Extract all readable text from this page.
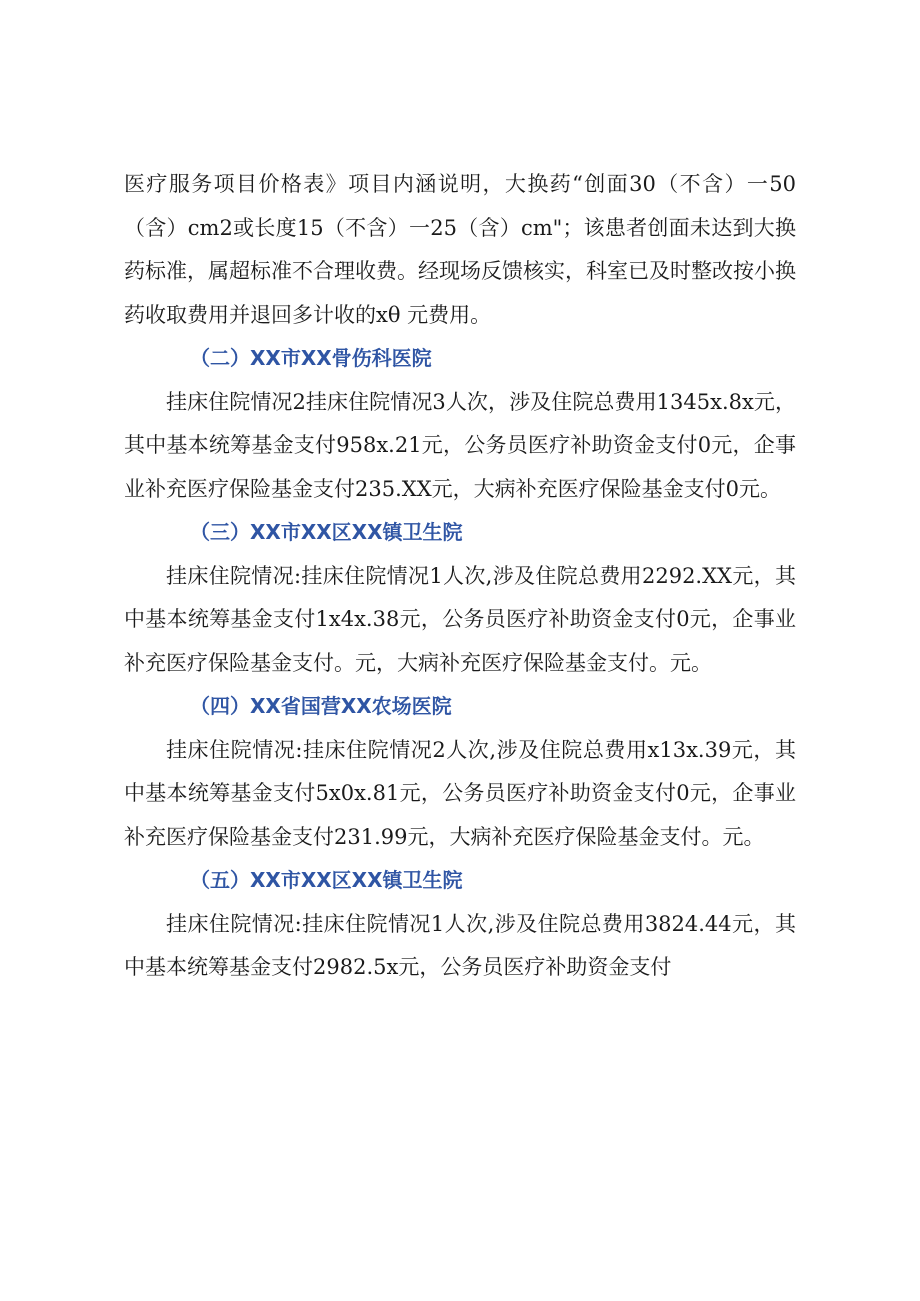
医疗服务项目价格表》项目内涵说明，大换药“创面30（不含）一50（含）cm2或长度15（不含）一25（含）cm"；该患者创面未达到大换药标准，属超标准不合理收费。经现场反馈核实，科室已及时整改按小换药收取费用并退回多计收的xθ 元费用。

（二）XX市XX骨伤科医院

挂床住院情况2挂床住院情况3人次，涉及住院总费用1345x.8x元，其中基本统筹基金支付958x.21元，公务员医疗补助资金支付0元，企事业补充医疗保险基金支付235.XX元，大病补充医疗保险基金支付0元。

（三）XX市XX区XX镇卫生院

挂床住院情况:挂床住院情况1人次,涉及住院总费用2292.XX元，其中基本统筹基金支付1x4x.38元，公务员医疗补助资金支付0元，企事业补充医疗保险基金支付。元，大病补充医疗保险基金支付。元。

（四）XX省国营XX农场医院

挂床住院情况:挂床住院情况2人次,涉及住院总费用x13x.39元，其中基本统筹基金支付5x0x.81元，公务员医疗补助资金支付0元，企事业补充医疗保险基金支付231.99元，大病补充医疗保险基金支付。元。

（五）XX市XX区XX镇卫生院

挂床住院情况:挂床住院情况1人次,涉及住院总费用3824.44元，其中基本统筹基金支付2982.5x元，公务员医疗补助资金支付
